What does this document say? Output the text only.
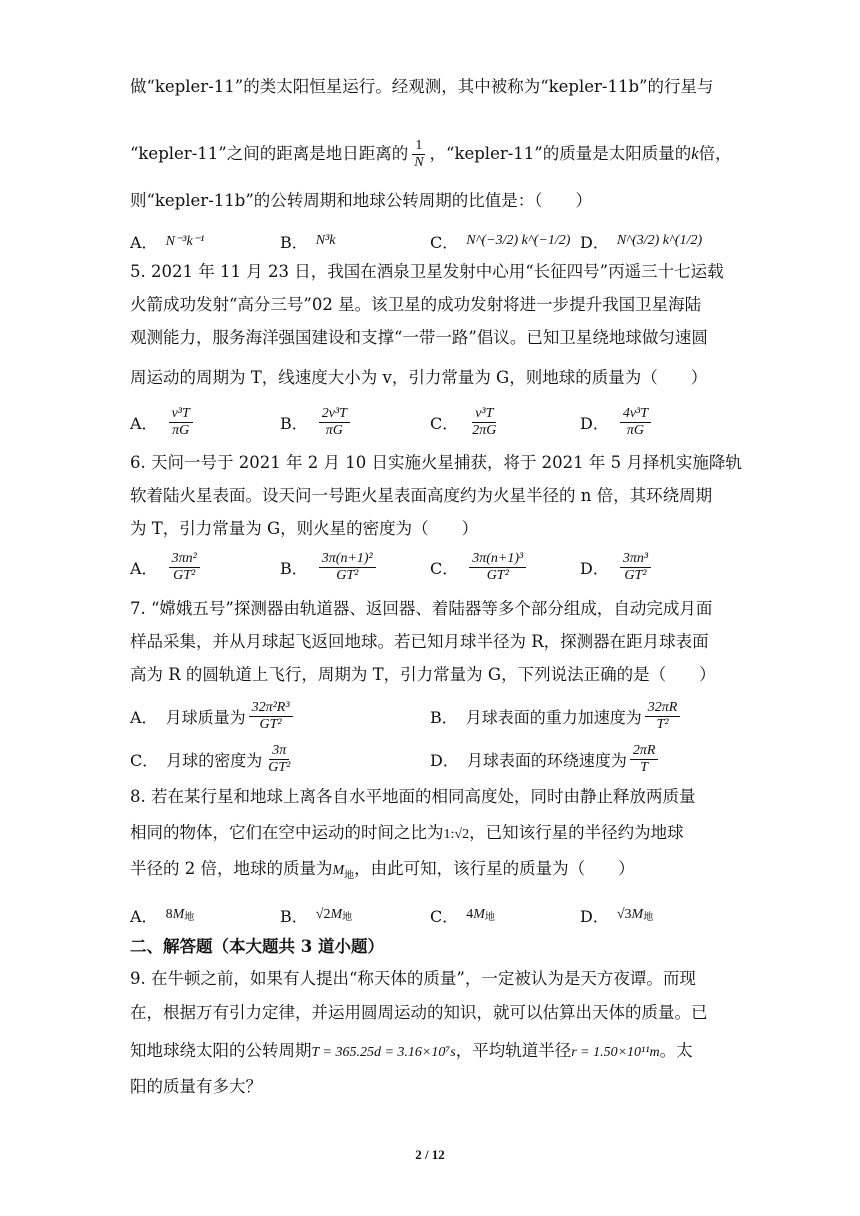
做“kepler-11”的类太阳恒星运行。经观测，其中被称为“kepler-11b”的行星与
“kepler-11”之间的距离是地日距离的 $\frac{1}{N}$ ，“kepler-11”的质量是太阳质量的k倍，
则“kepler-11b”的公转周期和地球公转周期的比值是：（　　）
A． N⁻³k⁻¹	B． N³k	C． N^(−3/2) k^(−1/2) D． N^(3/2) k^(1/2)
5. 2021 年 11 月 23 日，我国在酒泉卫星发射中心用“长征四号”丙遥三十七运载
火箭成功发射“高分三号”02 星。该卫星的成功发射将进一步提升我国卫星海陆
观测能力，服务海洋强国建设和支撑“一带一路”倡议。已知卫星绕地球做匀速圆
周运动的周期为 T，线速度大小为 v，引力常量为 G，则地球的质量为（　　）
A． $\frac{\text{v³T}}{\pi G}$	B． $\frac{\text{2v³T}}{\pi G}$	C． $\frac{\text{v³T}}{2\pi G}$	D． $\frac{\text{4v³T}}{\pi G}$
6. 天问一号于 2021 年 2 月 10 日实施火星捕获，将于 2021 年 5 月择机实施降轨
软着陆火星表面。设天问一号距火星表面高度约为火星半径的 n 倍，其环绕周期
为 T，引力常量为 G，则火星的密度为（　　）
A． $\frac{\text{3πn²}}{\text{GT²}}$	B． $\frac{\text{3π(n+1)²}}{\text{GT²}}$	C． $\frac{\text{3π(n+1)³}}{\text{GT²}}$	D． $\frac{\text{3πn³}}{\text{GT²}}$
7. “嫦娥五号”探测器由轨道器、返回器、着陆器等多个部分组成，自动完成月面
样品采集，并从月球起飞返回地球。若已知月球半径为 R，探测器在距月球表面
高为 R 的圆轨道上飞行，周期为 T，引力常量为 G，下列说法正确的是（　　）
A． 月球质量为 $\frac{\text{32π²R³}}{\text{GT²}}$	B． 月球表面的重力加速度为 $\frac{32\pi R}{\text{T²}}$
C． 月球的密度为 $\frac{3\pi}{\text{GT²}}$	D． 月球表面的环绕速度为 $\frac{2\pi R}{T}$
8. 若在某行星和地球上离各自水平地面的相同高度处，同时由静止释放两质量
相同的物体，它们在空中运动的时间之比为1:√2，已知该行星的半径约为地球
半径的 2 倍，地球的质量为$M_地$，由此可知，该行星的质量为（　　）
A． 8 M 地	B． √2 M 地	C． 4 M 地	D． √3 M 地
二、解答题（本大题共 3 道小题）
9. 在牛顿之前，如果有人提出“称天体的质量”，一定被认为是天方夜谭。而现
在，根据万有引力定律，并运用圆周运动的知识，就可以估算出天体的质量。已
知地球绕太阳的公转周期T = 365.25d = 3.16×10⁷s，平均轨道半径r = 1.50×10¹¹m。太
阳的质量有多大？
2 / 12
